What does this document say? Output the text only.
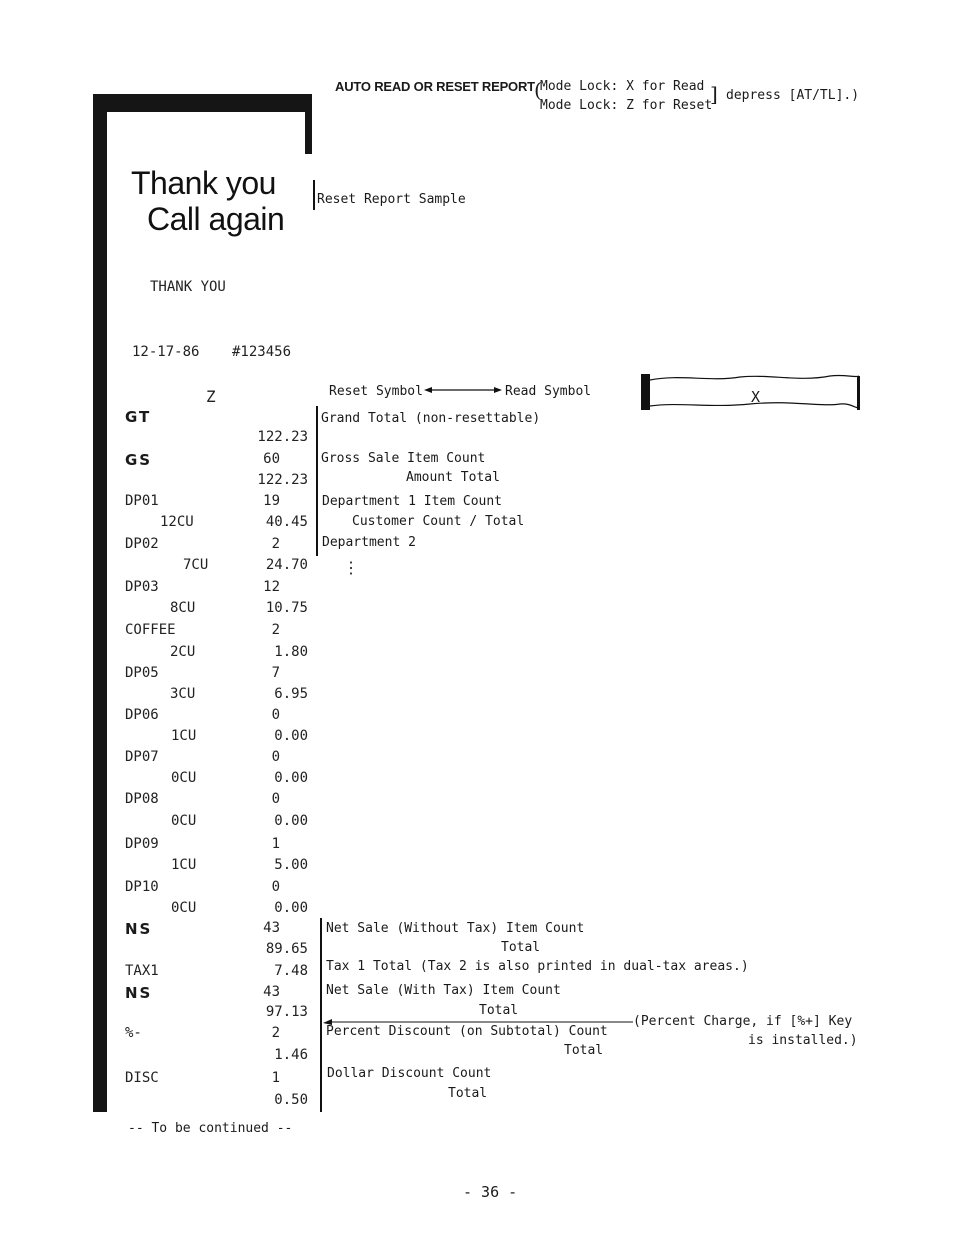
AUTO READ OR RESET REPORT (
Mode Lock: X for Read
Mode Lock: Z for Reset
] depress [AT/TL].)
Thank you
Call again
THANK YOU
12-17-86 #123456
Z
GT
122.23
GS	60
122.23
DP01	19
12CU	40.45
DP02	2
7CU	24.70
DP03	12
8CU	10.75
COFFEE	2
2CU	1.80
DP05	7
3CU	6.95
DP06	0
1CU	0.00
DP07	0
0CU	0.00
DP08	0
0CU	0.00
DP09	1
1CU	5.00
DP10	0
0CU	0.00
NS	43
89.65
TAX1	7.48
NS	43
97.13
%-	2
1.46
DISC	1
0.50
Reset Report Sample
Reset Symbol	Read Symbol	X
Grand Total (non-resettable)
Gross Sale Item Count
Amount Total
Department 1 Item Count
Customer Count / Total
Department 2
⋮
Net Sale (Without Tax) Item Count
Total
Tax 1 Total (Tax 2 is also printed in dual-tax areas.)
Net Sale (With Tax) Item Count
Total
(Percent Charge, if [%+] Key
is installed.)
Percent Discount (on Subtotal) Count
Total
Dollar Discount Count
Total
-- To be continued --
- 36 -
